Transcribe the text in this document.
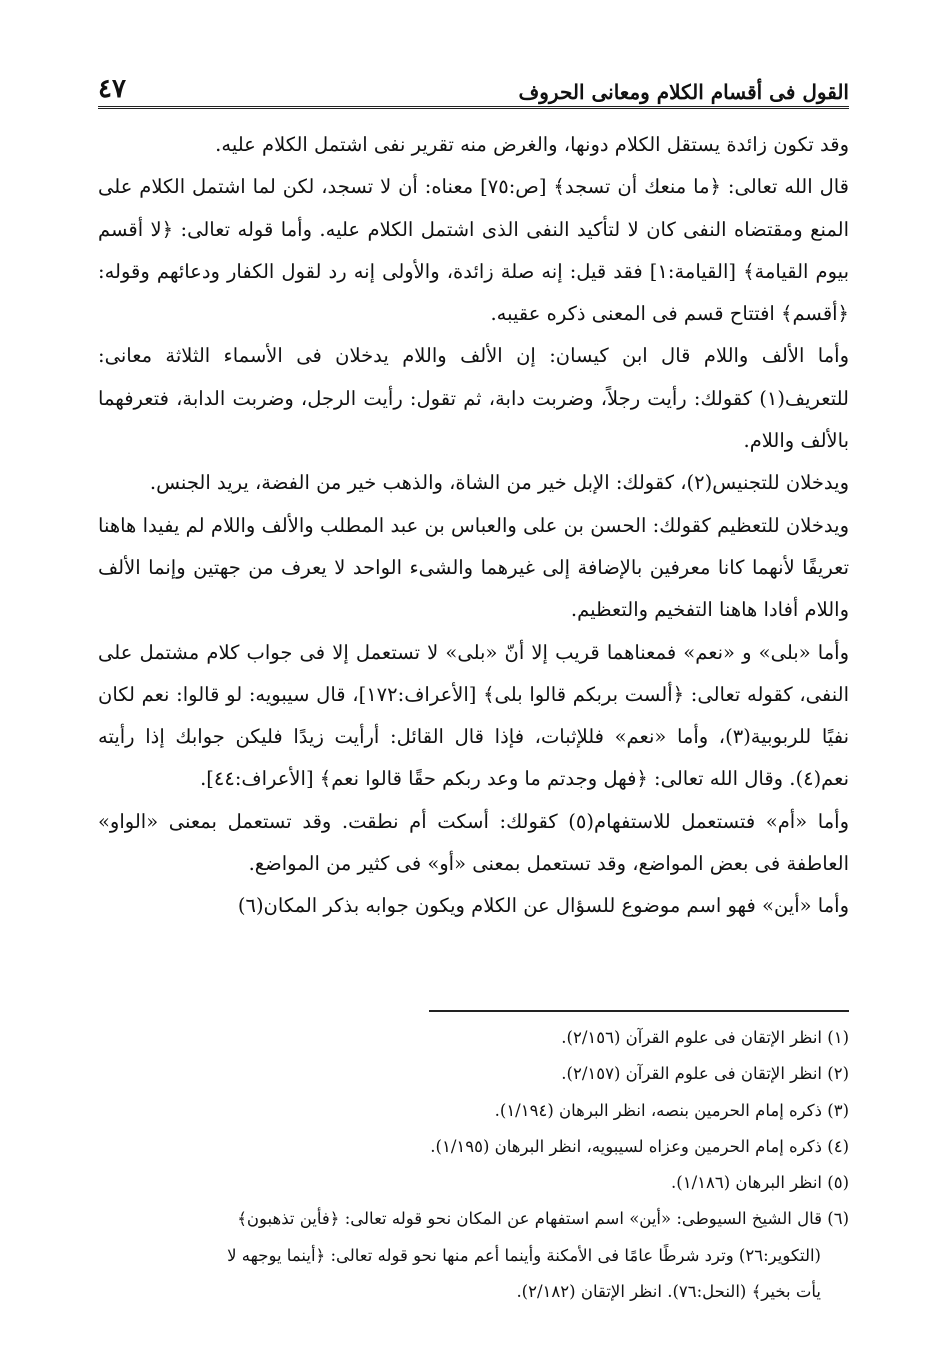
القول فى أقسام الكلام ومعانى الحروف
٤٧

وقد تكون زائدة يستقل الكلام دونها، والغرض منه تقرير نفى اشتمل الكلام عليه.

قال الله تعالى: ﴿ما منعك أن تسجد﴾ [ص:٧٥] معناه: أن لا تسجد، لكن لما اشتمل الكلام على المنع ومقتضاه النفى كان لا لتأكيد النفى الذى اشتمل الكلام عليه. وأما قوله تعالى: ﴿لا أقسم بيوم القيامة﴾ [القيامة:١] فقد قيل: إنه صلة زائدة، والأولى إنه رد لقول الكفار ودعائهم وقوله: ﴿أقسم﴾ افتتاح قسم فى المعنى ذكره عقيبه.

وأما الألف واللام قال ابن كيسان: إن الألف واللام يدخلان فى الأسماء الثلاثة معانى: للتعريف(١) كقولك: رأيت رجلاً، وضربت دابة، ثم تقول: رأيت الرجل، وضربت الدابة، فتعرفهما بالألف واللام.

ويدخلان للتجنيس(٢)، كقولك: الإبل خير من الشاة، والذهب خير من الفضة، يريد الجنس.

ويدخلان للتعظيم كقولك: الحسن بن على والعباس بن عبد المطلب والألف واللام لم يفيدا هاهنا تعريفًا لأنهما كانا معرفين بالإضافة إلى غيرهما والشىء الواحد لا يعرف من جهتين وإنما الألف واللام أفادا هاهنا التفخيم والتعظيم.

وأما «بلى» و «نعم» فمعناهما قريب إلا أنّ «بلى» لا تستعمل إلا فى جواب كلام مشتمل على النفى، كقوله تعالى: ﴿ألست بربكم قالوا بلى﴾ [الأعراف:١٧٢]، قال سيبويه: لو قالوا: نعم لكان نفيًا للربوبية(٣)، وأما «نعم» فللإثبات، فإذا قال القائل: أرأيت زيدًا فليكن جوابك إذا رأيته نعم(٤). وقال الله تعالى: ﴿فهل وجدتم ما وعد ربكم حقًا قالوا نعم﴾ [الأعراف:٤٤].

وأما «أم» فتستعمل للاستفهام(٥) كقولك: أسكت أم نطقت. وقد تستعمل بمعنى «الواو» العاطفة فى بعض المواضع، وقد تستعمل بمعنى «أو» فى كثير من المواضع.

وأما «أين» فهو اسم موضوع للسؤال عن الكلام ويكون جوابه بذكر المكان(٦)

(١) انظر الإتقان فى علوم القرآن (٢/١٥٦).

(٢) انظر الإتقان فى علوم القرآن (٢/١٥٧).

(٣) ذكره إمام الحرمين بنصه، انظر البرهان (١/١٩٤).

(٤) ذكره إمام الحرمين وعزاه لسيبويه، انظر البرهان (١/١٩٥).

(٥) انظر البرهان (١/١٨٦).

(٦) قال الشيخ السيوطى: «أين» اسم استفهام عن المكان نحو قوله تعالى: ﴿فأين تذهبون﴾

(التكوير:٢٦) وترد شرطًا عامًا فى الأمكنة وأينما أعم منها نحو قوله تعالى: ﴿أينما يوجهه لا

يأت بخير﴾ (النحل:٧٦). انظر الإتقان (٢/١٨٢).
